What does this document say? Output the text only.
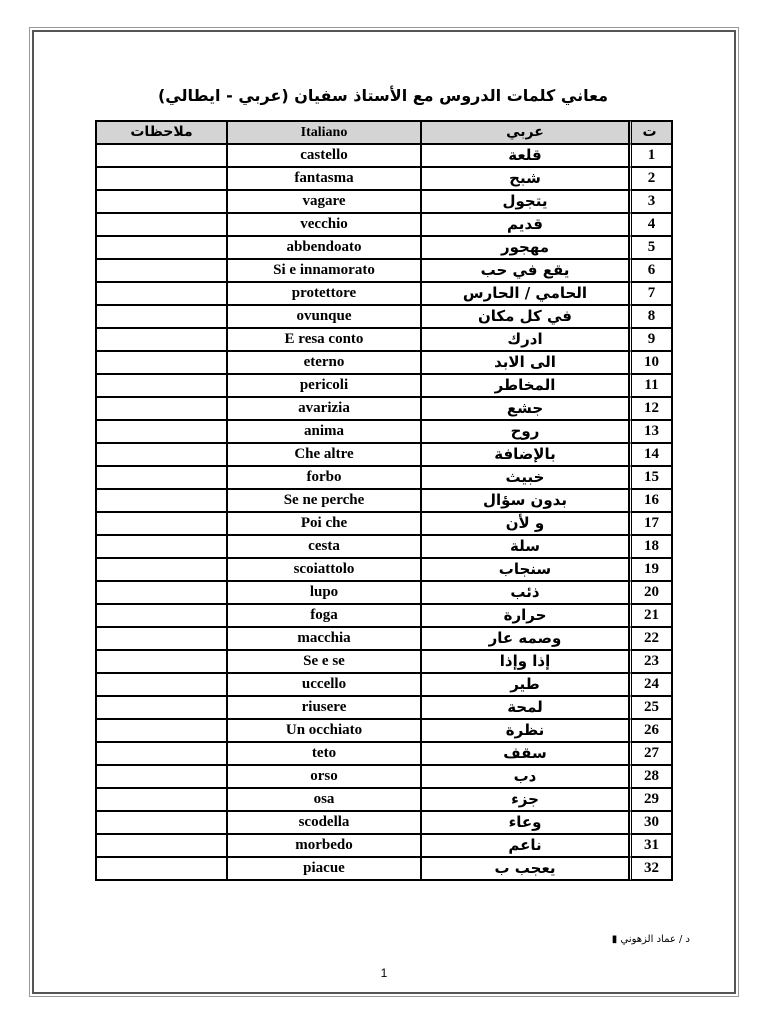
معاني كلمات الدروس مع الأستاذ سفيان (عربي - ايطالي)
ملاحظات	Italiano	عربي	ت
	castello	قلعة	1
	fantasma	شبح	2
	vagare	يتجول	3
	vecchio	قديم	4
	abbendoato	مهجور	5
	Si e innamorato	يقع في حب	6
	protettore	الحامي / الحارس	7
	ovunque	في كل مكان	8
	E resa conto	ادرك	9
	eterno	الى الابد	10
	pericoli	المخاطر	11
	avarizia	جشع	12
	anima	روح	13
	Che altre	بالإضافة	14
	forbo	خبيث	15
	Se ne perche	بدون سؤال	16
	Poi che	و لأن	17
	cesta	سلة	18
	scoiattolo	سنجاب	19
	lupo	ذئب	20
	foga	حرارة	21
	macchia	وصمه عار	22
	Se e se	إذا وإذا	23
	uccello	طير	24
	riusere	لمحة	25
	Un occhiato	نظرة	26
	teto	سقف	27
	orso	دب	28
	osa	جزء	29
	scodella	وعاء	30
	morbedo	ناعم	31
	piacue	يعجب ب	32
د / عماد الزهوني ▮
1
